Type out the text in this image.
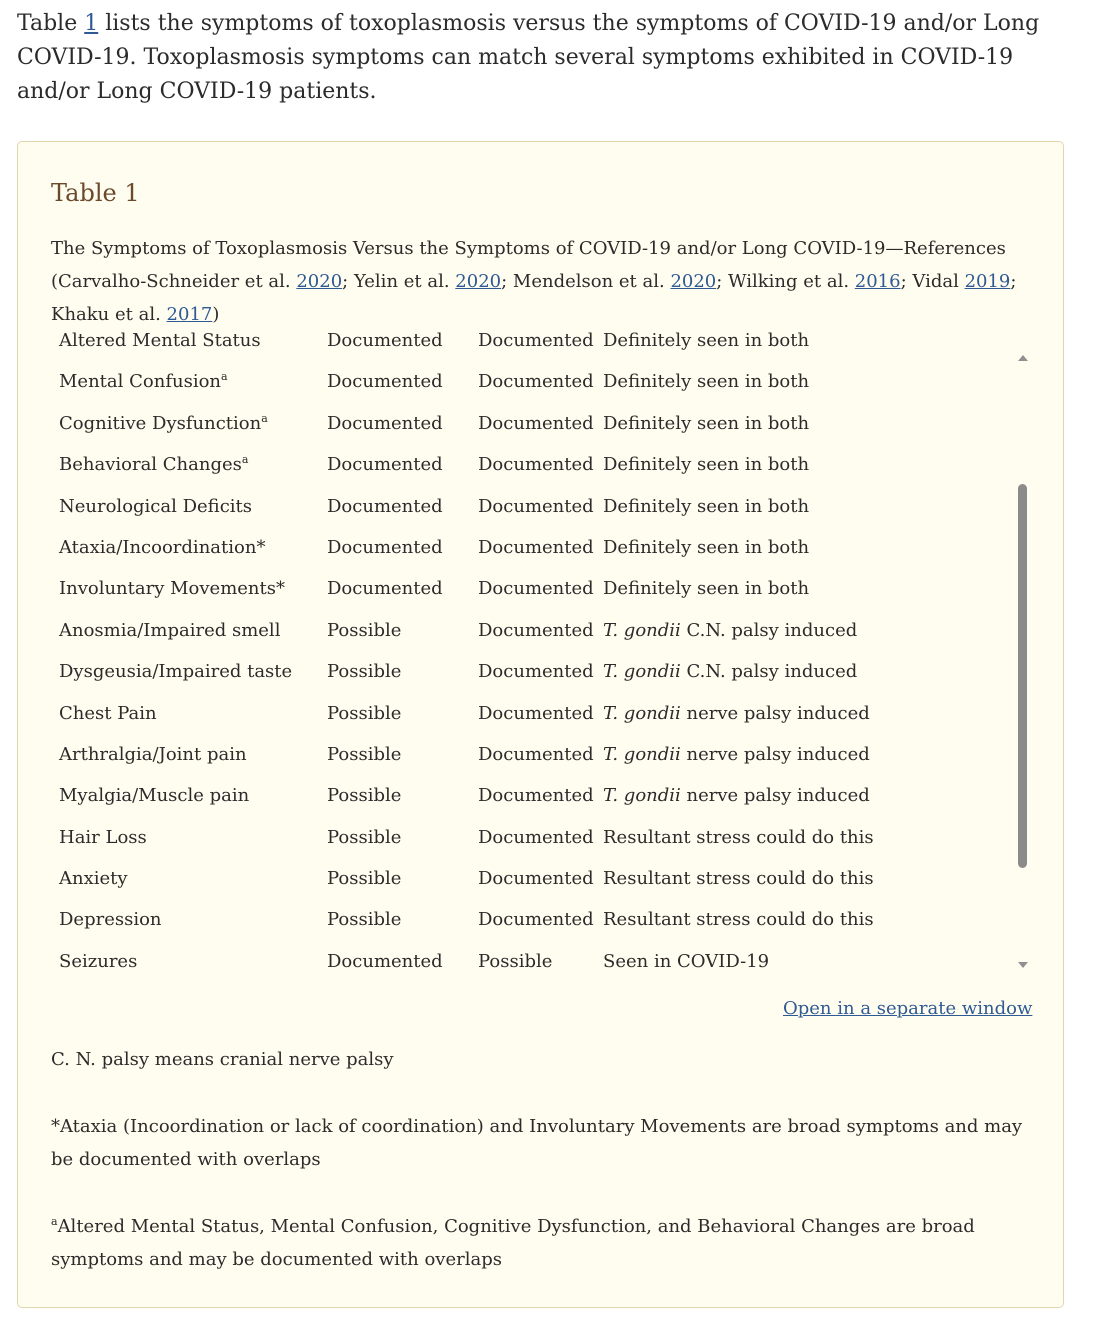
Table 1 lists the symptoms of toxoplasmosis versus the symptoms of COVID-19 and/or Long COVID-19. Toxoplasmosis symptoms can match several symptoms exhibited in COVID-19 and/or Long COVID-19 patients.
Table 1
The Symptoms of Toxoplasmosis Versus the Symptoms of COVID-19 and/or Long COVID-19—References (Carvalho-Schneider et al. 2020; Yelin et al. 2020; Mendelson et al. 2020; Wilking et al. 2016; Vidal 2019; Khaku et al. 2017)
Altered Mental Status	Documented Documented Definitely seen in both
Mental Confusion$^a$	Documented Documented Definitely seen in both
Cognitive Dysfunction$^a$	Documented Documented Definitely seen in both
Behavioral Changes$^a$	Documented Documented Definitely seen in both
Neurological Deficits	Documented Documented Definitely seen in both
Ataxia/Incoordination*	Documented Documented Definitely seen in both
Involuntary Movements* Documented Documented Definitely seen in both
Anosmia/Impaired smell	Possible	Documented T. gondii C.N. palsy induced
Dysgeusia/Impaired taste Possible	Documented T. gondii C.N. palsy induced
Chest Pain	Possible	Documented T. gondii nerve palsy induced
Arthralgia/Joint pain	Possible	Documented T. gondii nerve palsy induced
Myalgia/Muscle pain	Possible	Documented T. gondii nerve palsy induced
Hair Loss	Possible	Documented Resultant stress could do this
Anxiety	Possible	Documented Resultant stress could do this
Depression	Possible	Documented Resultant stress could do this
Seizures	Documented Possible	Seen in COVID-19
Open in a separate window
C. N. palsy means cranial nerve palsy
*Ataxia (Incoordination or lack of coordination) and Involuntary Movements are broad symptoms and may be documented with overlaps
$^a$Altered Mental Status, Mental Confusion, Cognitive Dysfunction, and Behavioral Changes are broad symptoms and may be documented with overlaps
